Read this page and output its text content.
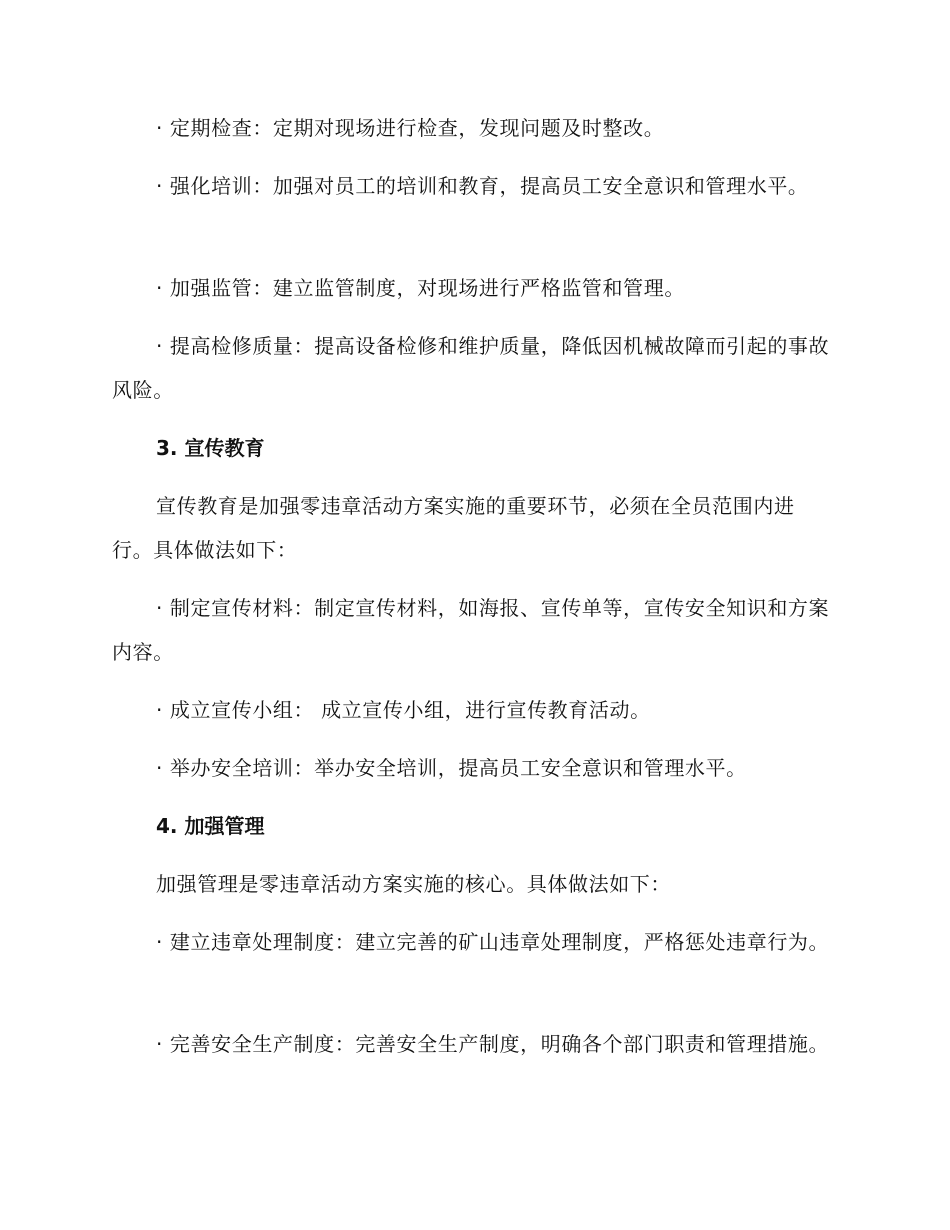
· 定期检查：定期对现场进行检查，发现问题及时整改。

· 强化培训：加强对员工的培训和教育，提高员工安全意识和管理水平。

· 加强监管：建立监管制度，对现场进行严格监管和管理。

· 提高检修质量：提高设备检修和维护质量，降低因机械故障而引起的事故风险。

3. 宣传教育

宣传教育是加强零违章活动方案实施的重要环节，必须在全员范围内进行。具体做法如下：

· 制定宣传材料：制定宣传材料，如海报、宣传单等，宣传安全知识和方案内容。

· 成立宣传小组： 成立宣传小组，进行宣传教育活动。

· 举办安全培训：举办安全培训，提高员工安全意识和管理水平。

4. 加强管理

加强管理是零违章活动方案实施的核心。具体做法如下：

· 建立违章处理制度：建立完善的矿山违章处理制度，严格惩处违章行为。

· 完善安全生产制度：完善安全生产制度，明确各个部门职责和管理措施。
